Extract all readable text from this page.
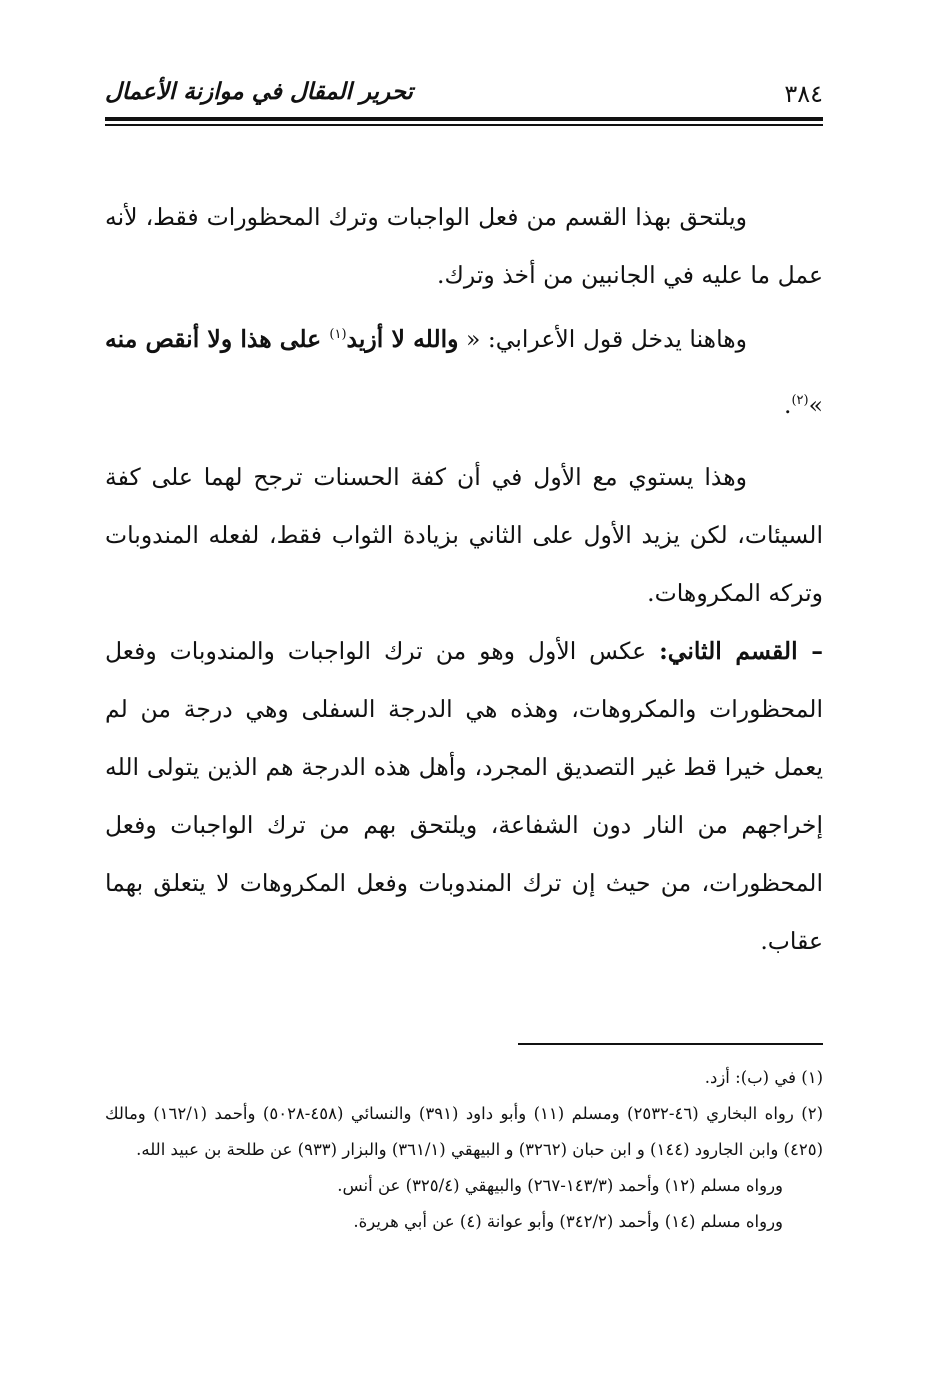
٣٨٤
تحرير المقال في موازنة الأعمال

ويلتحق بهذا القسم من فعل الواجبات وترك المحظورات فقط، لأنه عمل ما عليه في الجانبين من أخذ وترك.

وهاهنا يدخل قول الأعرابي: « والله لا أزيد$^{(١)}$ على هذا ولا أنقص منه »$^{(٢)}$.

وهذا يستوي مع الأول في أن كفة الحسنات ترجح لهما على كفة السيئات، لكن يزيد الأول على الثاني بزيادة الثواب فقط، لفعله المندوبات وتركه المكروهات.

– القسم الثاني: عكس الأول وهو من ترك الواجبات والمندوبات وفعل المحظورات والمكروهات، وهذه هي الدرجة السفلى وهي درجة من لم يعمل خيرا قط غير التصديق المجرد، وأهل هذه الدرجة هم الذين يتولى الله إخراجهم من النار دون الشفاعة، ويلتحق بهم من ترك الواجبات وفعل المحظورات، من حيث إن ترك المندوبات وفعل المكروهات لا يتعلق بهما عقاب.

(١) في (ب): أزد.

(٢) رواه البخاري (٤٦-٢٥٣٢) ومسلم (١١) وأبو داود (٣٩١) والنسائي (٤٥٨-٥٠٢٨) وأحمد (١٦٢/١) ومالك (٤٢٥) وابن الجارود (١٤٤) و ابن حبان (٣٢٦٢) و البيهقي (٣٦١/١) والبزار (٩٣٣) عن طلحة بن عبيد الله.

ورواه مسلم (١٢) وأحمد (١٤٣/٣-٢٦٧) والبيهقي (٣٢٥/٤) عن أنس.

ورواه مسلم (١٤) وأحمد (٣٤٢/٢) وأبو عوانة (٤) عن أبي هريرة.
